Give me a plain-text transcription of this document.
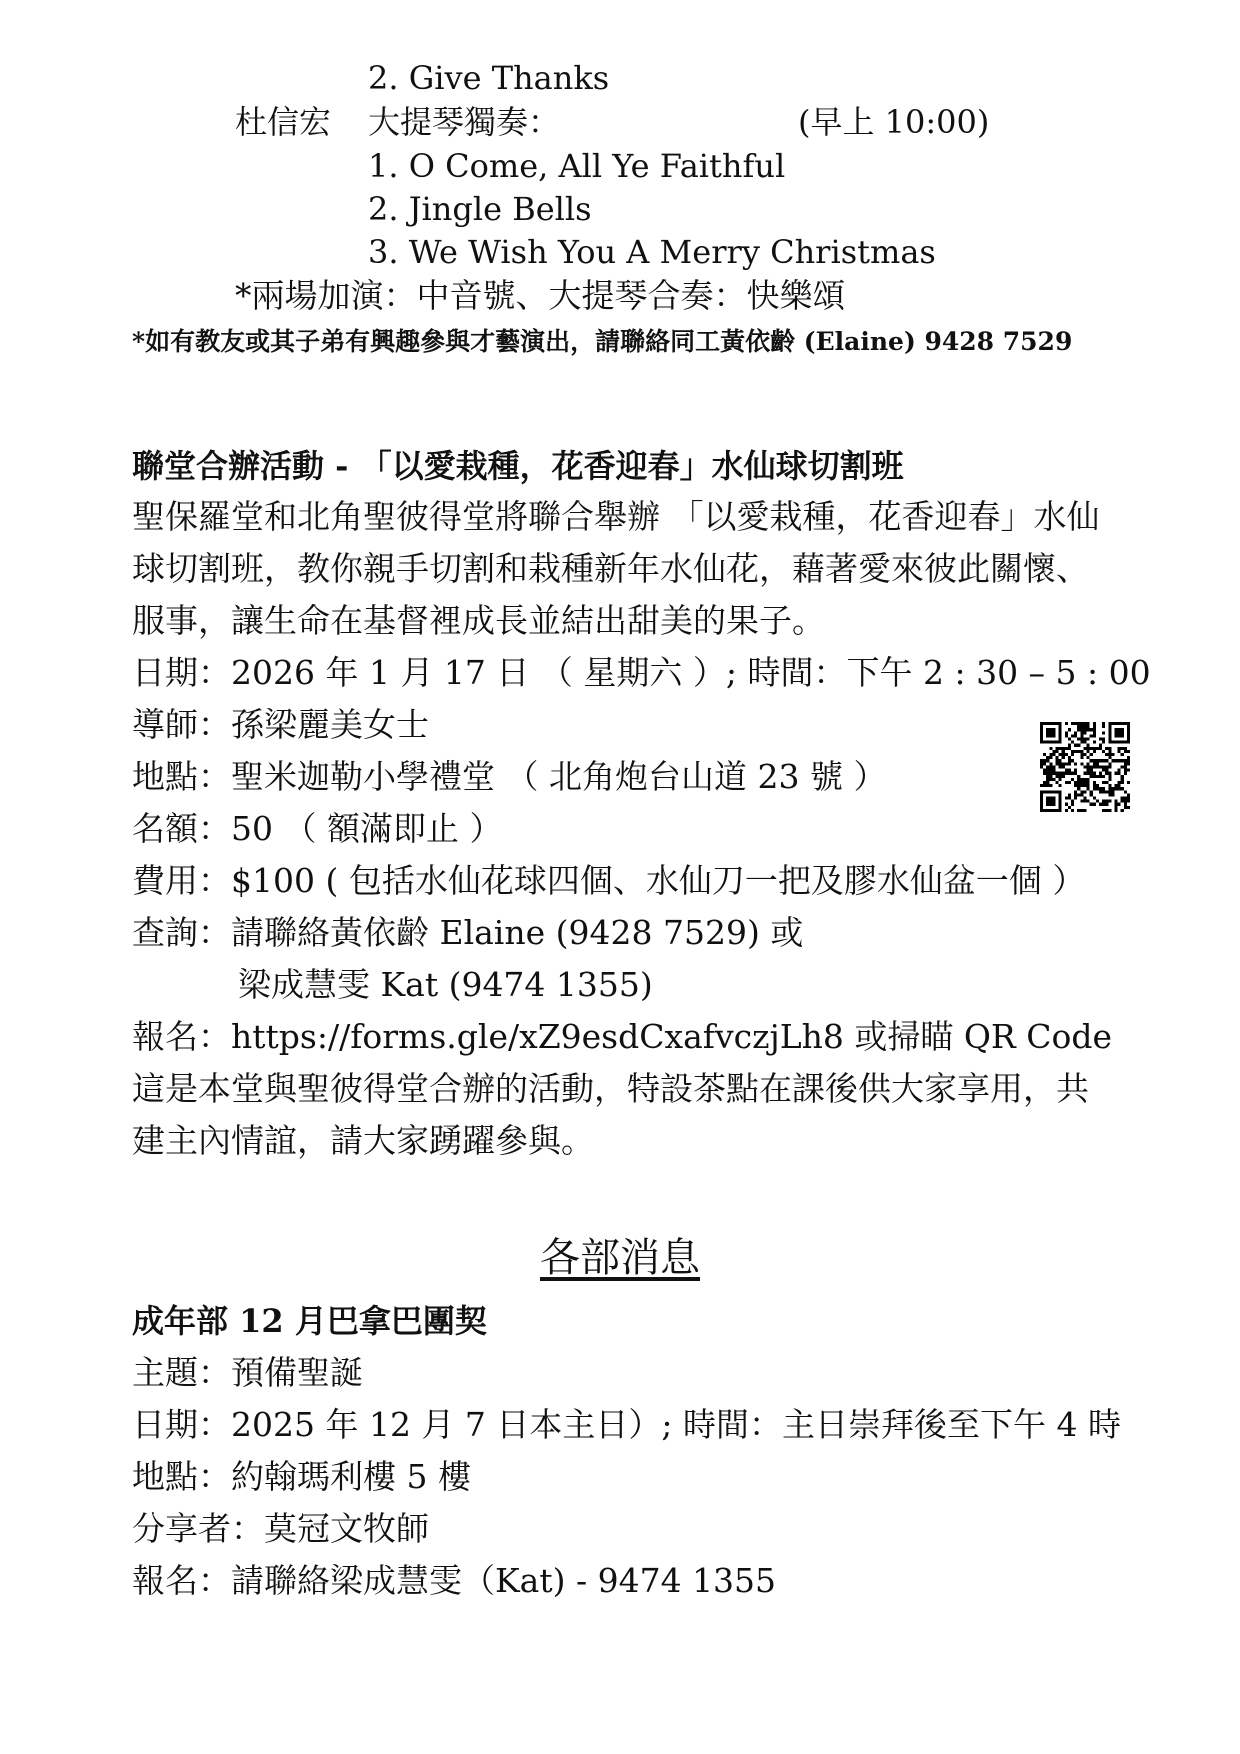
2. Give Thanks
杜信宏 大提琴獨奏：	(早上 10:00)
1. O Come, All Ye Faithful
2. Jingle Bells
3. We Wish You A Merry Christmas
*兩場加演：中音號、大提琴合奏：快樂頌
*如有教友或其子弟有興趣參與才藝演出，請聯絡同工黃依齡 (Elaine) 9428 7529
聯堂合辦活動 - 「以愛栽種，花香迎春」水仙球切割班
聖保羅堂和北角聖彼得堂將聯合舉辦 「以愛栽種，花香迎春」水仙
球切割班，教你親手切割和栽種新年水仙花，藉著愛來彼此關懷、
服事，讓生命在基督裡成長並結出甜美的果子。
日期：2026 年 1 月 17 日 （ 星期六 ）; 時間：下午 2 : 30 – 5 : 00
導師：孫梁麗美女士
地點：聖米迦勒小學禮堂 （ 北角炮台山道 23 號 ）
名額：50 （ 額滿即止 ）
費用：$100 ( 包括水仙花球四個、水仙刀一把及膠水仙盆一個 ）
查詢：請聯絡黃依齡 Elaine (9428 7529) 或
梁成慧雯 Kat (9474 1355)
報名：https://forms.gle/xZ9esdCxafvczjLh8 或掃瞄 QR Code
這是本堂與聖彼得堂合辦的活動，特設茶點在課後供大家享用，共
建主內情誼，請大家踴躍參與。
各部消息
成年部 12 月巴拿巴團契
主題：預備聖誕
日期：2025 年 12 月 7 日本主日）; 時間：主日崇拜後至下午 4 時
地點：約翰瑪利樓 5 樓
分享者：莫冠文牧師
報名：請聯絡梁成慧雯（Kat) - 9474 1355
